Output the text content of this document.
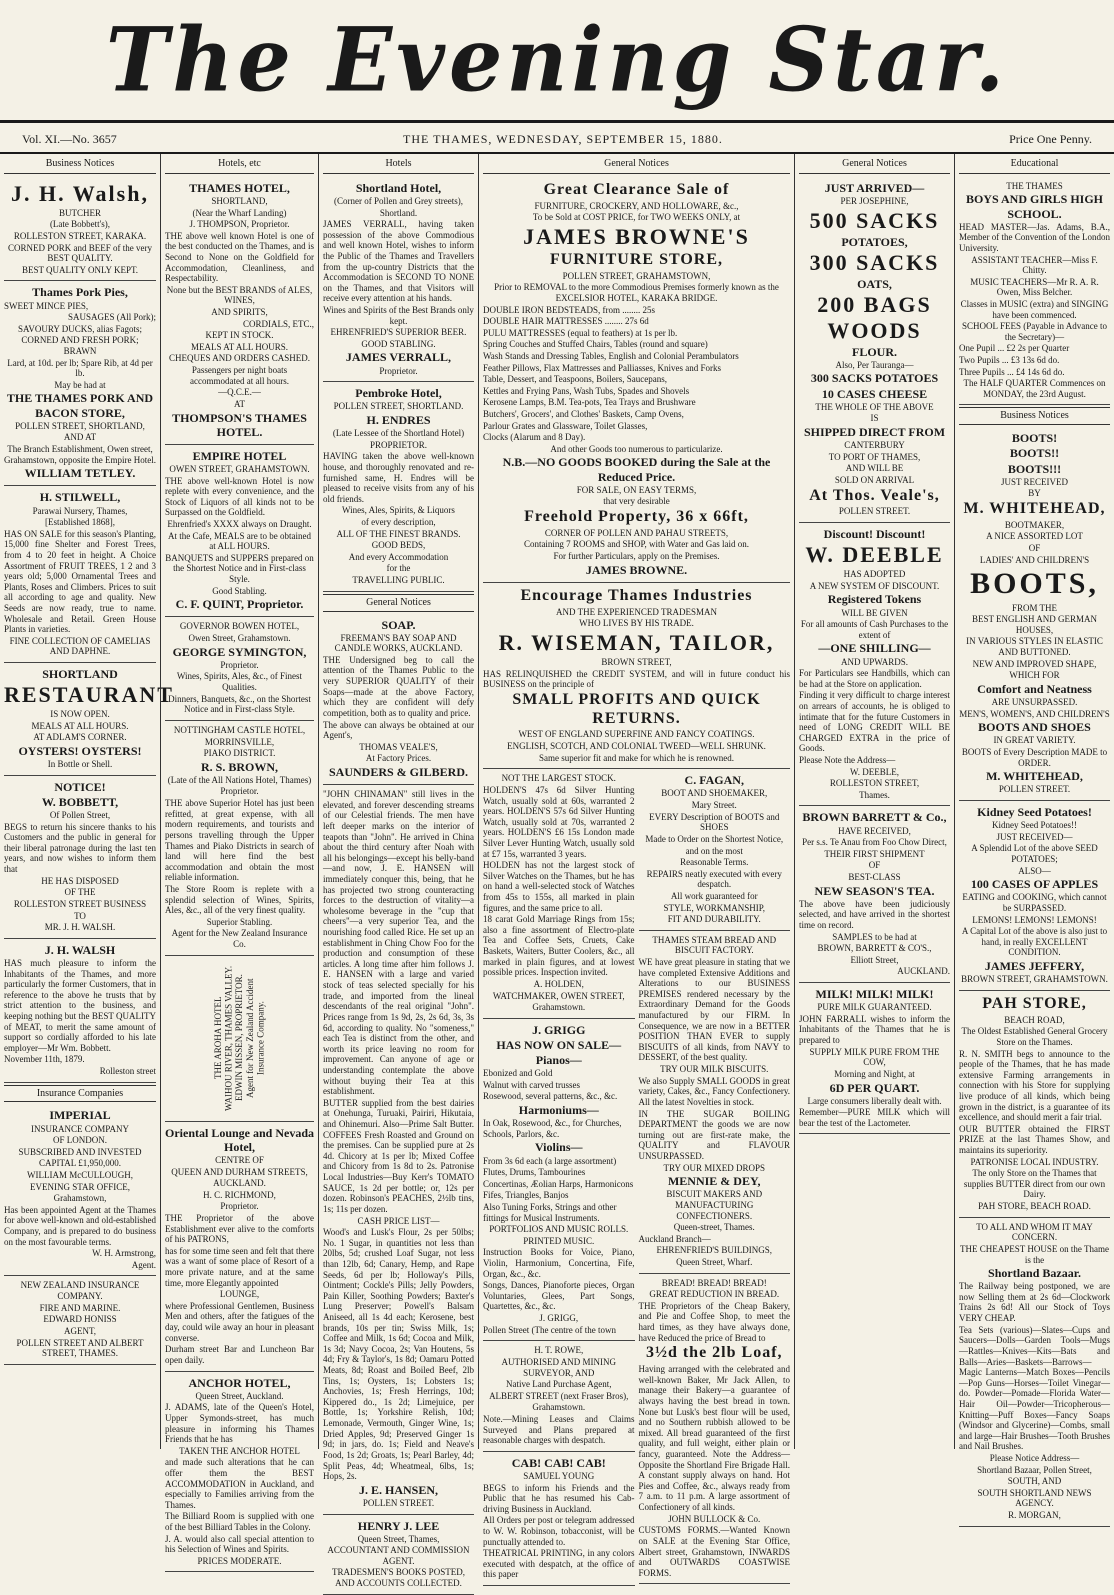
The Evening Star.
Vol. XI.—No. 3657	THE THAMES, WEDNESDAY, SEPTEMBER 15, 1880.	Price One Penny.
Business Notices

J. H. Walsh,

BUTCHER

(Late Bobbett's),

ROLLESTON STREET, KARAKA.

CORNED PORK and BEEF of the very BEST QUALITY.

BEST QUALITY ONLY KEPT.

Thames Pork Pies,

SWEET MINCE PIES,

SAUSAGES (All Pork);

SAVOURY DUCKS, alias Fagots;

CORNED AND FRESH PORK; BRAWN

Lard, at 10d. per lb; Spare Rib, at 4d per lb.

May be had at

THE THAMES PORK AND BACON STORE,

POLLEN STREET, SHORTLAND,

AND AT

The Branch Establishment, Owen street, Grahamstown, opposite the Empire Hotel.

WILLIAM TETLEY.

H. STILWELL,

Parawai Nursery, Thames,

[Established 1868],

HAS ON SALE for this season's Planting, 15,000 fine Shelter and Forest Trees, from 4 to 20 feet in height. A Choice Assortment of FRUIT TREES, 1 2 and 3 years old; 5,000 Ornamental Trees and Plants, Roses and Climbers. Prices to suit all according to age and quality. New Seeds are now ready, true to name. Wholesale and Retail. Green House Plants in varieties.

FINE COLLECTION OF CAMELIAS AND DAPHNE.

SHORTLAND

RESTAURANT

IS NOW OPEN.

MEALS AT ALL HOURS.

AT ADLAM'S CORNER.

OYSTERS! OYSTERS!

In Bottle or Shell.

NOTICE!

W. BOBBETT,

Of Pollen Street,

BEGS to return his sincere thanks to his Customers and the public in general for their liberal patronage during the last ten years, and now wishes to inform them that

HE HAS DISPOSED

OF THE

ROLLESTON STREET BUSINESS

TO

MR. J. H. WALSH.

J. H. WALSH

HAS much pleasure to inform the Inhabitants of the Thames, and more particularly the former Customers, that in reference to the above he trusts that by strict attention to the business, and keeping nothing but the BEST QUALITY of MEAT, to merit the same amount of support so cordially afforded to his late employer—Mr Wm. Bobbett.

November 11th, 1879.

Rolleston street

Insurance Companies

IMPERIAL

INSURANCE COMPANY

OF LONDON.

SUBSCRIBED AND INVESTED

CAPITAL £1,950,000.

WILLIAM McCULLOUGH,

EVENING STAR OFFICE,

Grahamstown,

Has been appointed Agent at the Thames for above well-known and old-established Company, and is prepared to do business on the most favourable terms.

W. H. Armstrong,

Agent.

NEW ZEALAND INSURANCE COMPANY.

FIRE AND MARINE.

EDWARD HONISS

AGENT,

POLLEN STREET AND ALBERT STREET, THAMES.

Hotels, etc

THAMES HOTEL,

SHORTLAND,

(Near the Wharf Landing)

J. THOMPSON, Proprietor.

THE above well known Hotel is one of the best conducted on the Thames, and is Second to None on the Goldfield for Accommodation, Cleanliness, and Respectability.

None but the BEST BRANDS of ALES, WINES,

AND SPIRITS,

CORDIALS, ETC.,

KEPT IN STOCK.

MEALS AT ALL HOURS.

CHEQUES AND ORDERS CASHED.

Passengers per night boats accommodated at all hours.

—Q.C.E.—

AT

THOMPSON'S THAMES HOTEL.

EMPIRE HOTEL

OWEN STREET, GRAHAMSTOWN.

THE above well-known Hotel is now replete with every convenience, and the Stock of Liquors of all kinds not to be Surpassed on the Goldfield.

Ehrenfried's XXXX always on Draught.

At the Cafe, MEALS are to be obtained at ALL HOURS.

BANQUETS and SUPPERS prepared on the Shortest Notice and in First-class Style.

Good Stabling.

C. F. QUINT, Proprietor.

GOVERNOR BOWEN HOTEL,

Owen Street, Grahamstown.

GEORGE SYMINGTON,

Proprietor.

Wines, Spirits, Ales, &c., of Finest Qualities.

Dinners, Banquets, &c., on the Shortest Notice and in First-class Style.

NOTTINGHAM CASTLE HOTEL,

MORRINSVILLE,

PIAKO DISTRICT.

R. S. BROWN,

(Late of the All Nations Hotel, Thames)

Proprietor.

THE above Superior Hotel has just been refitted, at great expense, with all modern requirements, and tourists and persons travelling through the Upper Thames and Piako Districts in search of land will here find the best accommodation and obtain the most reliable information.

The Store Room is replete with a splendid selection of Wines, Spirits, Ales, &c., all of the very finest quality.

Superior Stabling.

Agent for the New Zealand Insurance Co.

THE AROHA HOTEL WAIHOU RIVER, THAMES VALLEY. EDWIN MISSEN, PROPRIETOR. Agent for New Zealand Accident Insurance Company.

Oriental Lounge and Nevada Hotel,

CENTRE OF

QUEEN AND DURHAM STREETS,

AUCKLAND.

H. C. RICHMOND,

Proprietor.

THE Proprietor of the above Establishment ever alive to the comforts of his PATRONS,

has for some time seen and felt that there was a want of some place of Resort of a more private nature, and at the same time, more Elegantly appointed

LOUNGE,

where Professional Gentlemen, Business Men and others, after the fatigues of the day, could wile away an hour in pleasant converse.

Durham street Bar and Luncheon Bar open daily.

ANCHOR HOTEL,

Queen Street, Auckland.

J. ADAMS, late of the Queen's Hotel, Upper Symonds-street, has much pleasure in informing his Thames Friends that he has

TAKEN THE ANCHOR HOTEL

and made such alterations that he can offer them the BEST ACCOMMODATION in Auckland, and especially to Families arriving from the Thames.

The Billiard Room is supplied with one of the best Billiard Tables in the Colony.

J. A. would also call special attention to his Selection of Wines and Spirits.

PRICES MODERATE.

Hotels

Shortland Hotel,

(Corner of Pollen and Grey streets),

Shortland.

JAMES VERRALL, having taken possession of the above Commodious and well known Hotel, wishes to inform the Public of the Thames and Travellers from the up-country Districts that the Accommodation is SECOND TO NONE on the Thames, and that Visitors will receive every attention at his hands.

Wines and Spirits of the Best Brands only kept.

EHRENFRIED'S SUPERIOR BEER.

GOOD STABLING.

JAMES VERRALL,

Proprietor.

Pembroke Hotel,

POLLEN STREET, SHORTLAND.

H. ENDRES

(Late Lessee of the Shortland Hotel)

PROPRIETOR.

HAVING taken the above well-known house, and thoroughly renovated and re-furnished same, H. Endres will be pleased to receive visits from any of his old friends.

Wines, Ales, Spirits, & Liquors

of every description,

ALL OF THE FINEST BRANDS.

GOOD BEDS,

And every Accommodation

for the

TRAVELLING PUBLIC.

General Notices

SOAP.

FREEMAN'S BAY SOAP AND CANDLE WORKS, AUCKLAND.

THE Undersigned beg to call the attention of the Thames Public to the very SUPERIOR QUALITY of their Soaps—made at the above Factory, which they are confident will defy competition, both as to quality and price.

The above can always be obtained at our Agent's,

THOMAS VEALE'S,

At Factory Prices.

SAUNDERS & GILBERD.

"JOHN CHINAMAN" still lives in the elevated, and forever descending streams of our Celestial friends. The men have left deeper marks on the interior of teapots than "John". He arrived in China about the third century after Noah with all his belongings—except his belly-band—and now, J. E. HANSEN will immediately conquer this, being, that he has projected two strong counteracting forces to the destruction of vitality—a wholesome beverage in the "cup that cheers"—a very superior Tea, and the nourishing food called Rice. He set up an establishment in Ching Chow Foo for the production and consumption of these articles. A long time after him follows J. E. HANSEN with a large and varied stock of teas selected specially for his trade, and imported from the lineal descendants of the real original "John". Prices range from 1s 9d, 2s, 2s 6d, 3s, 3s 6d, according to quality. No "someness," each Tea is distinct from the other, and worth its price leaving no room for improvement. Can anyone of age or understanding contemplate the above without buying their Tea at this establishment.

BUTTER supplied from the best dairies at Onehunga, Turuaki, Pairiri, Hikutaia, and Ohinemuri. Also—Prime Salt Butter. COFFEES Fresh Roasted and Ground on the premises. Can be supplied pure at 2s 4d. Chicory at 1s per lb; Mixed Coffee and Chicory from 1s 8d to 2s. Patronise Local Industries—Buy Kerr's TOMATO SAUCE, 1s 2d per bottle; or, 12s per dozen. Robinson's PEACHES, 2½lb tins, 1s; 11s per dozen.

CASH PRICE LIST—

Wood's and Lusk's Flour, 2s per 50lbs; No. 1 Sugar, in quantities not less than 20lbs, 5d; crushed Loaf Sugar, not less than 12lb, 6d; Canary, Hemp, and Rape Seeds, 6d per lb; Holloway's Pills, Ointment; Cockle's Pills; Jelly Powders, Pain Killer, Soothing Powders; Baxter's Lung Preserver; Powell's Balsam Aniseed, all 1s 4d each; Kerosene, best brands, 10s per tin; Swiss Milk, 1s; Coffee and Milk, 1s 6d; Cocoa and Milk, 1s 3d; Navy Cocoa, 2s; Van Houtens, 5s 4d; Fry & Taylor's, 1s 8d; Oamaru Potted Meats, 8d; Roast and Boiled Beef, 2lb Tins, 1s; Oysters, 1s; Lobsters 1s; Anchovies, 1s; Fresh Herrings, 10d; Kippered do., 1s 2d; Limejuice, per Bottle, 1s; Yorkshire Relish, 10d; Lemonade, Vermouth, Ginger Wine, 1s; Dried Apples, 9d; Preserved Ginger 1s 9d; in jars, do. 1s; Field and Neave's Food, 1s 2d; Groats, 1s; Pearl Barley, 4d; Split Peas, 4d; Wheatmeal, 6lbs, 1s; Hops, 2s.

J. E. HANSEN,

POLLEN STREET.

HENRY J. LEE

Queen Street, Thames,

ACCOUNTANT AND COMMISSION AGENT.

TRADESMEN'S BOOKS POSTED, AND ACCOUNTS COLLECTED.

General Notices

Great Clearance Sale of

FURNITURE, CROCKERY, AND HOLLOWARE, &c.,

To be Sold at COST PRICE, for TWO WEEKS ONLY, at

JAMES BROWNE'S

FURNITURE STORE,

POLLEN STREET, GRAHAMSTOWN,

Prior to REMOVAL to the more Commodious Premises formerly known as the EXCELSIOR HOTEL, KARAKA BRIDGE.

DOUBLE IRON BEDSTEADS, from ........ 25s

DOUBLE HAIR MATTRESSES ........ 27s 6d

PULU MATTRESSES (equal to feathers) at 1s per lb.

Spring Couches and Stuffed Chairs, Tables (round and square)

Wash Stands and Dressing Tables, English and Colonial Perambulators

Feather Pillows, Flax Mattresses and Palliasses, Knives and Forks

Table, Dessert, and Teaspoons, Boilers, Saucepans,

Kettles and Frying Pans, Wash Tubs, Spades and Shovels

Kerosene Lamps, B.M. Tea-pots, Tea Trays and Brushware

Butchers', Grocers', and Clothes' Baskets, Camp Ovens,

Parlour Grates and Glassware, Toilet Glasses,

Clocks (Alarum and 8 Day).

And other Goods too numerous to particularize.

N.B.—NO GOODS BOOKED during the Sale at the Reduced Price.

FOR SALE, ON EASY TERMS,

that very desirable

Freehold Property, 36 x 66ft,

CORNER OF POLLEN AND PAHAU STREETS,

Containing 7 ROOMS and SHOP, with Water and Gas laid on.

For further Particulars, apply on the Premises.

JAMES BROWNE.

Encourage Thames Industries

AND THE EXPERIENCED TRADESMAN

WHO LIVES BY HIS TRADE.

R. WISEMAN, TAILOR,

BROWN STREET,

HAS RELINQUISHED the CREDIT SYSTEM, and will in future conduct his BUSINESS on the principle of

SMALL PROFITS AND QUICK RETURNS.

WEST OF ENGLAND SUPERFINE AND FANCY COATINGS.

ENGLISH, SCOTCH, AND COLONIAL TWEED—WELL SHRUNK.

Same superior fit and make for which he is renowned.

NOT THE LARGEST STOCK.

HOLDEN'S 47s 6d Silver Hunting Watch, usually sold at 60s, warranted 2 years. HOLDEN'S 57s 6d Silver Hunting Watch, usually sold at 70s, warranted 2 years. HOLDEN'S £6 15s London made Silver Lever Hunting Watch, usually sold at £7 15s, warranted 3 years.

HOLDEN has not the largest stock of Silver Watches on the Thames, but he has on hand a well-selected stock of Watches from 45s to 155s, all marked in plain figures, and the same price to all.

18 carat Gold Marriage Rings from 15s; also a fine assortment of Electro-plate Tea and Coffee Sets, Cruets, Cake Baskets, Waiters, Butter Coolers, &c., all marked in plain figures, and at lowest possible prices. Inspection invited.

A. HOLDEN,

WATCHMAKER, OWEN STREET,

Grahamstown.

J. GRIGG

HAS NOW ON SALE—

Pianos—

Ebonized and Gold

Walnut with carved trusses

Rosewood, several patterns, &c., &c.

Harmoniums—

In Oak, Rosewood, &c., for Churches, Schools, Parlors, &c.

Violins—

From 3s 6d each (a large assortment)

Flutes, Drums, Tambourines

Concertinas, Æolian Harps, Harmonicons

Fifes, Triangles, Banjos

Also Tuning Forks, Strings and other fittings for Musical Instruments.

PORTFOLIOS AND MUSIC ROLLS.

PRINTED MUSIC.

Instruction Books for Voice, Piano, Violin, Harmonium, Concertina, Fife, Organ, &c., &c.

Songs, Dances, Pianoforte pieces, Organ Voluntaries, Glees, Part Songs, Quartettes, &c., &c.

J. GRIGG,

Pollen Street (The centre of the town

H. T. ROWE,

AUTHORISED AND MINING SURVEYOR, AND

Native Land Purchase Agent,

ALBERT STREET (next Fraser Bros),

Grahamstown.

Note.—Mining Leases and Claims Surveyed and Plans prepared at reasonable charges with despatch.

CAB! CAB! CAB!

SAMUEL YOUNG

BEGS to inform his Friends and the Public that he has resumed his Cab-driving Business in Auckland.

All Orders per post or telegram addressed to W. W. Robinson, tobacconist, will be punctually attended to.

THEATRICAL PRINTING, in any colors executed with despatch, at the office of this paper

C. FAGAN,

BOOT AND SHOEMAKER,

Mary Street.

EVERY Description of BOOTS and SHOES

Made to Order on the Shortest Notice,

and on the most

Reasonable Terms.

REPAIRS neatly executed with every despatch.

All work guaranteed for

STYLE, WORKMANSHIP,

FIT AND DURABILITY.

THAMES STEAM BREAD AND BISCUIT FACTORY.

WE have great pleasure in stating that we have completed Extensive Additions and Alterations to our BUSINESS PREMISES rendered necessary by the Extraordinary Demand for the Goods manufactured by our FIRM. In Consequence, we are now in a BETTER POSITION THAN EVER to supply BISCUITS of all kinds, from NAVY to DESSERT, of the best quality.

TRY OUR MILK BISCUITS.

We also Supply SMALL GOODS in great variety, Cakes, &c., Fancy Confectionery. All the latest Novelties in stock.

IN THE SUGAR BOILING DEPARTMENT the goods we are now turning out are first-rate make, the QUALITY and FLAVOUR UNSURPASSED.

TRY OUR MIXED DROPS

MENNIE & DEY,

BISCUIT MAKERS AND MANUFACTURING CONFECTIONERS.

Queen-street, Thames.

Auckland Branch—

EHRENFRIED'S BUILDINGS,

Queen Street, Wharf.

BREAD! BREAD! BREAD!

GREAT REDUCTION IN BREAD.

THE Proprietors of the Cheap Bakery, and Pie and Coffee Shop, to meet the hard times, as they have always done, have Reduced the price of Bread to

3½d the 2lb Loaf,

Having arranged with the celebrated and well-known Baker, Mr Jack Allen, to manage their Bakery—a guarantee of always having the best bread in town. None but Lusk's best flour will be used, and no Southern rubbish allowed to be mixed. All bread guaranteed of the first quality, and full weight, either plain or fancy, guaranteed. Note the Address—Opposite the Shortland Fire Brigade Hall. A constant supply always on hand. Hot Pies and Coffee, &c., always ready from 7 a.m. to 11 p.m. A large assortment of Confectionery of all kinds.

JOHN BULLOCK & Co.

CUSTOMS FORMS.—Wanted Known on SALE at the Evening Star Office, Albert street, Grahamstown, INWARDS and OUTWARDS COASTWISE FORMS.

General Notices

JUST ARRIVED—

PER JOSEPHINE,

500 SACKS

POTATOES,

300 SACKS

OATS,

200 BAGS WOODS

FLOUR.

Also, Per Tauranga—

300 SACKS POTATOES

10 CASES CHEESE

THE WHOLE OF THE ABOVE

IS

SHIPPED DIRECT FROM

CANTERBURY

TO PORT OF THAMES,

AND WILL BE

SOLD ON ARRIVAL

At Thos. Veale's,

POLLEN STREET.

Discount! Discount!

W. DEEBLE

HAS ADOPTED

A NEW SYSTEM OF DISCOUNT.

Registered Tokens

WILL BE GIVEN

For all amounts of Cash Purchases to the extent of

—ONE SHILLING—

AND UPWARDS.

For Particulars see Handbills, which can be had at the Store on application.

Finding it very difficult to charge interest on arrears of accounts, he is obliged to intimate that for the future Customers in need of LONG CREDIT WILL BE CHARGED EXTRA in the price of Goods.

Please Note the Address—

W. DEEBLE,

ROLLESTON STREET,

Thames.

BROWN BARRETT & Co.,

HAVE RECEIVED,

Per s.s. Te Anau from Foo Chow Direct,

THEIR FIRST SHIPMENT

OF

BEST-CLASS

NEW SEASON'S TEA.

The above have been judiciously selected, and have arrived in the shortest time on record.

SAMPLES to be had at

BROWN, BARRETT & CO'S.,

Elliott Street,

AUCKLAND.

MILK! MILK! MILK!

PURE MILK GUARANTEED.

JOHN FARRALL wishes to inform the Inhabitants of the Thames that he is prepared to

SUPPLY MILK PURE FROM THE COW,

Morning and Night, at

6D PER QUART.

Large consumers liberally dealt with.

Remember—PURE MILK which will bear the test of the Lactometer.

Educational

THE THAMES

BOYS AND GIRLS HIGH SCHOOL.

HEAD MASTER—Jas. Adams, B.A., Member of the Convention of the London University.

ASSISTANT TEACHER—Miss F. Chitty.

MUSIC TEACHERS—Mr R. A. R. Owen, Miss Belcher.

Classes in MUSIC (extra) and SINGING have been commenced.

SCHOOL FEES (Payable in Advance to the Secretary)—

One Pupil ... £2 2s per Quarter

Two Pupils ... £3 13s 6d do.

Three Pupils ... £4 14s 6d do.

The HALF QUARTER Commences on MONDAY, the 23rd August.

Business Notices

BOOTS!

BOOTS!!

BOOTS!!!

JUST RECEIVED

BY

M. WHITEHEAD,

BOOTMAKER,

A NICE ASSORTED LOT

OF

LADIES' AND CHILDREN'S

BOOTS,

FROM THE

BEST ENGLISH AND GERMAN HOUSES,

IN VARIOUS STYLES IN ELASTIC AND BUTTONED.

NEW AND IMPROVED SHAPE,

WHICH FOR

Comfort and Neatness

ARE UNSURPASSED.

MEN'S, WOMEN'S, AND CHILDREN'S

BOOTS AND SHOES

IN GREAT VARIETY.

BOOTS of Every Description MADE to ORDER.

M. WHITEHEAD,

POLLEN STREET.

Kidney Seed Potatoes!

Kidney Seed Potatoes!!

JUST RECEIVED—

A Splendid Lot of the above SEED POTATOES;

ALSO—

100 CASES OF APPLES

EATING and COOKING, which cannot be SURPASSED.

LEMONS! LEMONS! LEMONS!

A Capital Lot of the above is also just to hand, in really EXCELLENT CONDITION.

JAMES JEFFERY,

BROWN STREET, GRAHAMSTOWN.

PAH STORE,

BEACH ROAD,

The Oldest Established General Grocery Store on the Thames.

R. N. SMITH begs to announce to the people of the Thames, that he has made extensive Farming arrangements in connection with his Store for supplying live produce of all kinds, which being grown in the district, is a guarantee of its excellence, and should merit a fair trial.

OUR BUTTER obtained the FIRST PRIZE at the last Thames Show, and maintains its superiority.

PATRONISE LOCAL INDUSTRY.

The only Store on the Thames that supplies BUTTER direct from our own Dairy.

PAH STORE, BEACH ROAD.

TO ALL AND WHOM IT MAY CONCERN.

THE CHEAPEST HOUSE on the Thame is the

Shortland Bazaar.

The Railway being postponed, we are now Selling them at 2s 6d—Clockwork Trains 2s 6d! All our Stock of Toys VERY CHEAP.

Tea Sets (various)—Slates—Cups and Saucers—Dolls—Garden Tools—Mugs—Rattles—Knives—Kits—Bats and Balls—Aries—Baskets—Barrows—Magic Lanterns—Match Boxes—Pencils—Pop Guns—Horses—Toilet Vinegar—do. Powder—Pomade—Florida Water—Hair Oil—Powder—Tricopherous—Knitting—Puff Boxes—Fancy Soaps (Windsor and Glycerine)—Combs, small and large—Hair Brushes—Tooth Brushes and Nail Brushes.

Please Notice Address—

Shortland Bazaar, Pollen Street,

SOUTH, AND

SOUTH SHORTLAND NEWS AGENCY.

R. MORGAN,
